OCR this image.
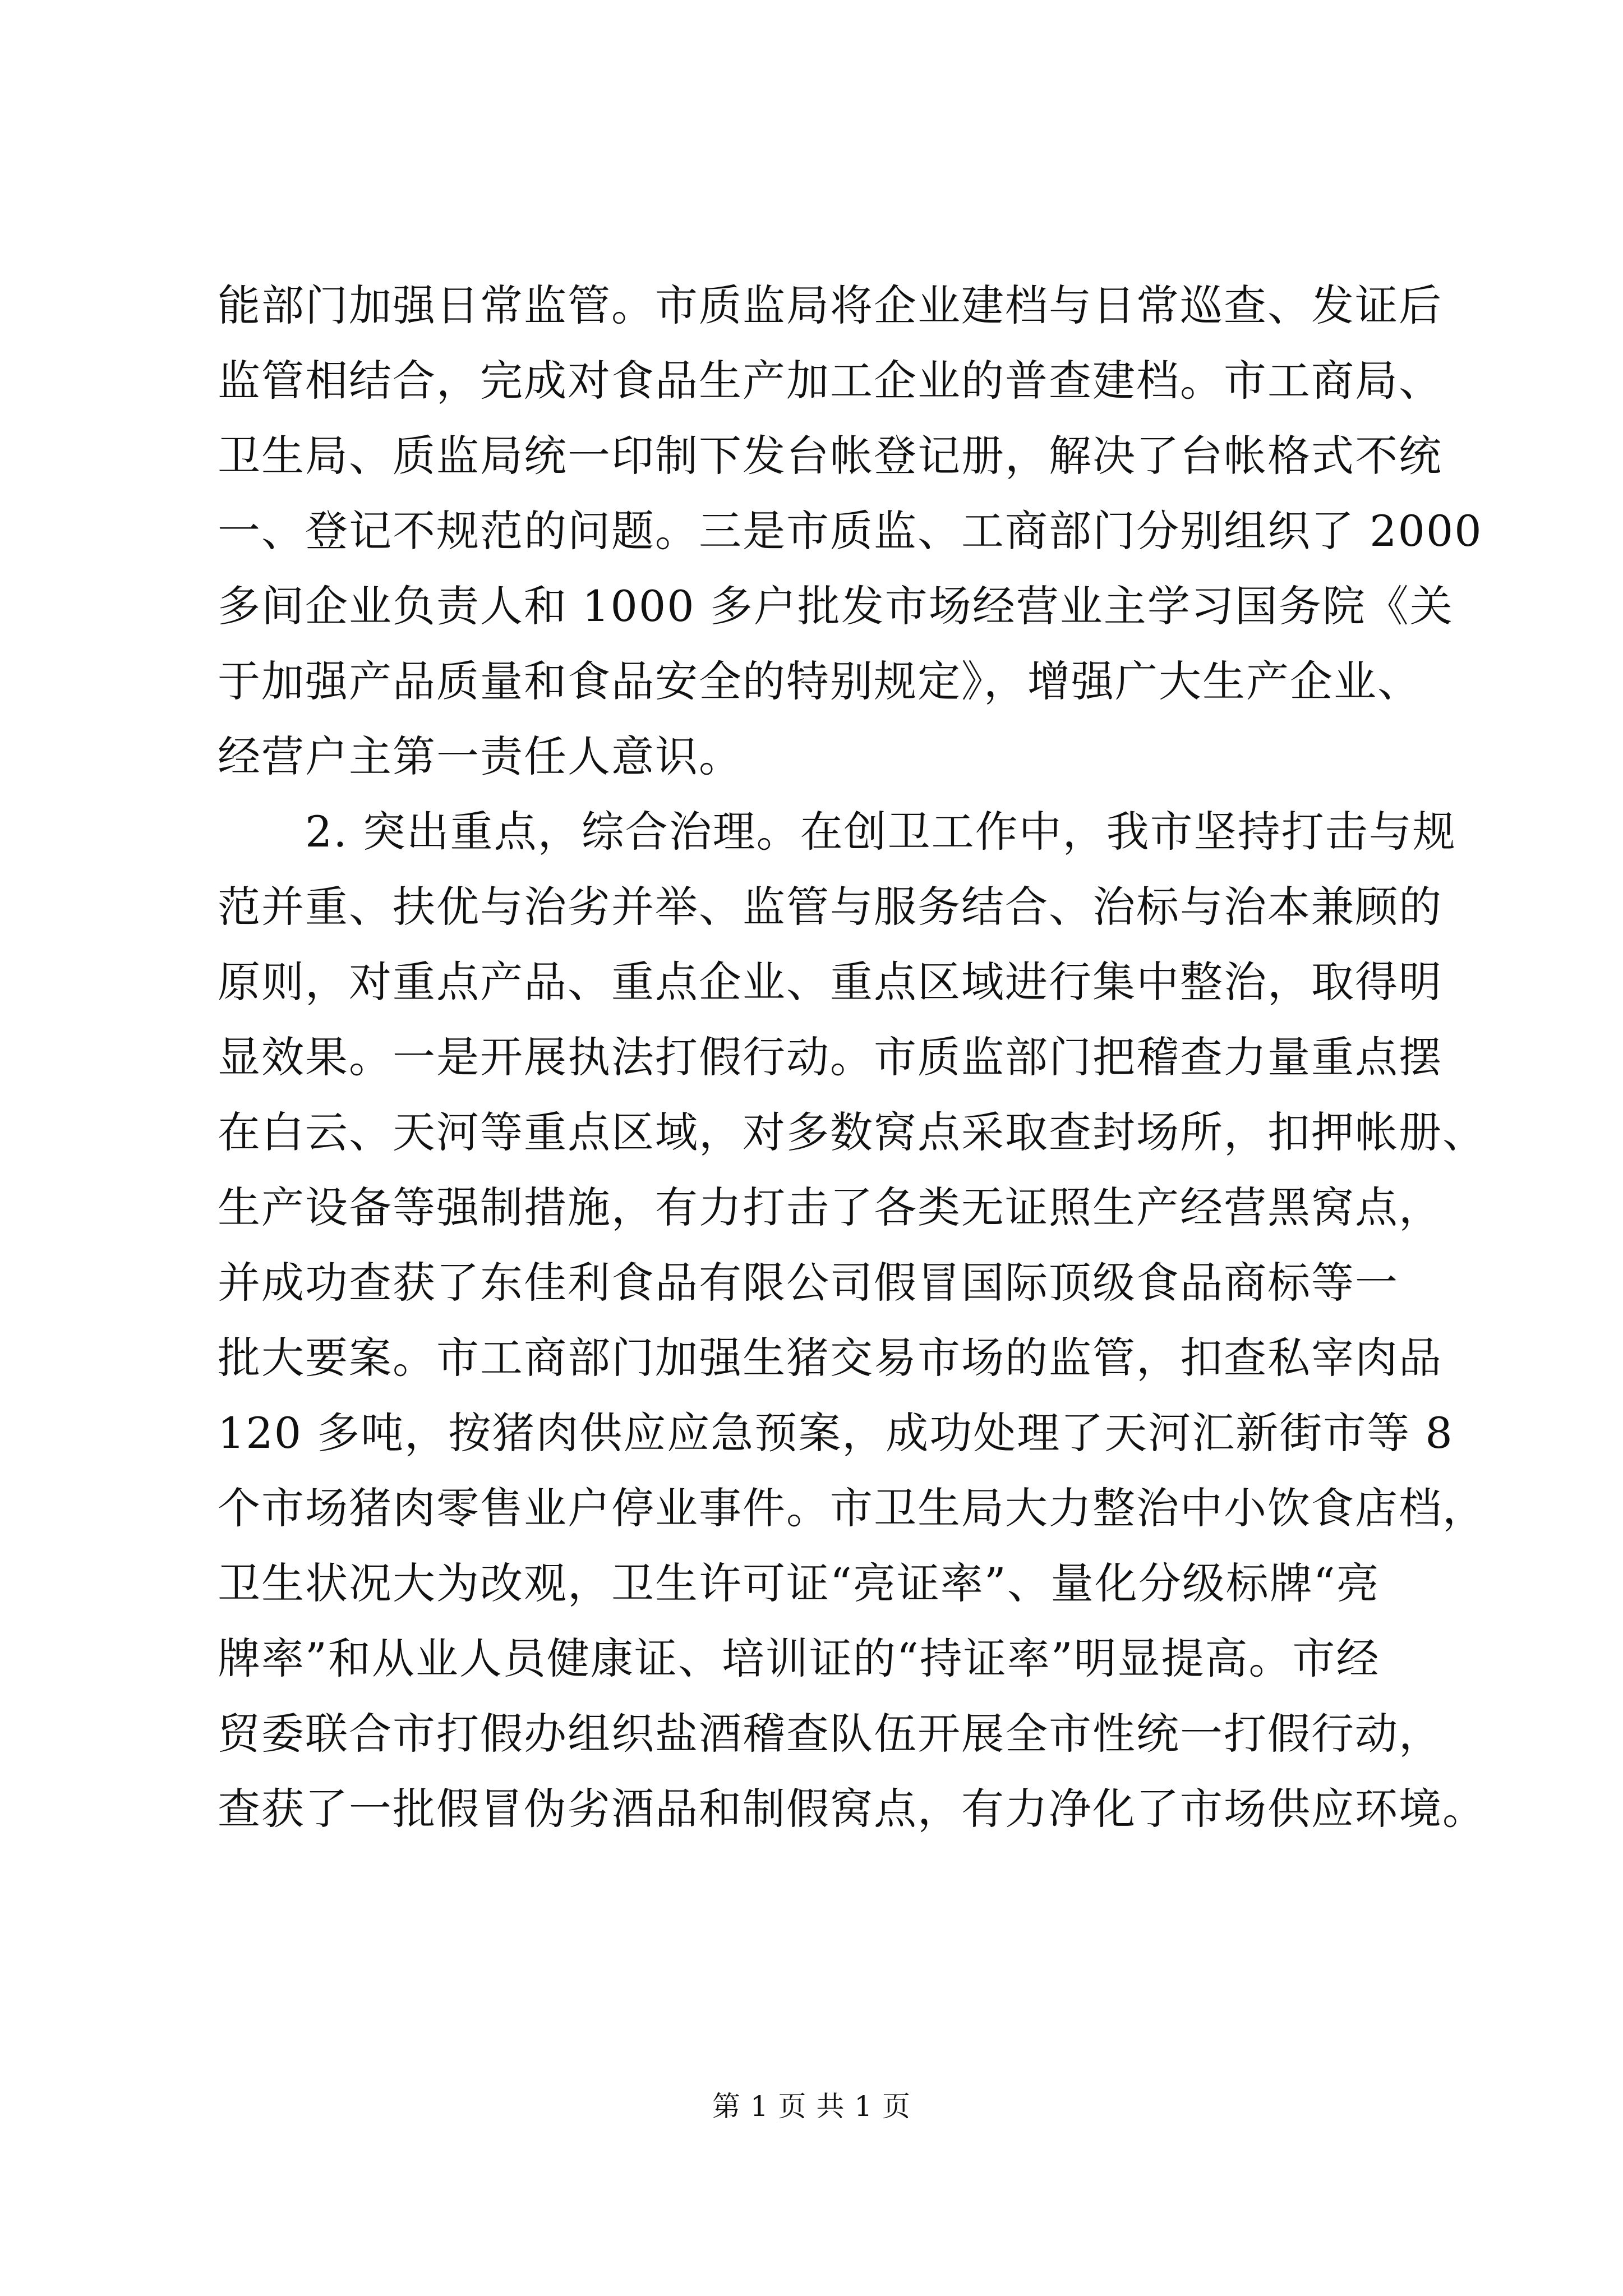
能部门加强日常监管。市质监局将企业建档与日常巡查、发证后
监管相结合，完成对食品生产加工企业的普查建档。市工商局、
卫生局、质监局统一印制下发台帐登记册，解决了台帐格式不统
一、登记不规范的问题。三是市质监、工商部门分别组织了 2000
多间企业负责人和 1000 多户批发市场经营业主学习国务院《关
于加强产品质量和食品安全的特别规定》，增强广大生产企业、
经营户主第一责任人意识。
　　2. 突出重点，综合治理。在创卫工作中，我市坚持打击与规
范并重、扶优与治劣并举、监管与服务结合、治标与治本兼顾的
原则，对重点产品、重点企业、重点区域进行集中整治，取得明
显效果。一是开展执法打假行动。市质监部门把稽查力量重点摆
在白云、天河等重点区域，对多数窝点采取查封场所，扣押帐册、
生产设备等强制措施，有力打击了各类无证照生产经营黑窝点，
并成功查获了东佳利食品有限公司假冒国际顶级食品商标等一
批大要案。市工商部门加强生猪交易市场的监管，扣查私宰肉品
120 多吨，按猪肉供应应急预案，成功处理了天河汇新街市等 8
个市场猪肉零售业户停业事件。市卫生局大力整治中小饮食店档，
卫生状况大为改观，卫生许可证“亮证率”、量化分级标牌“亮
牌率”和从业人员健康证、培训证的“持证率”明显提高。市经
贸委联合市打假办组织盐酒稽查队伍开展全市性统一打假行动，
查获了一批假冒伪劣酒品和制假窝点，有力净化了市场供应环境。
第 1 页 共 1 页
